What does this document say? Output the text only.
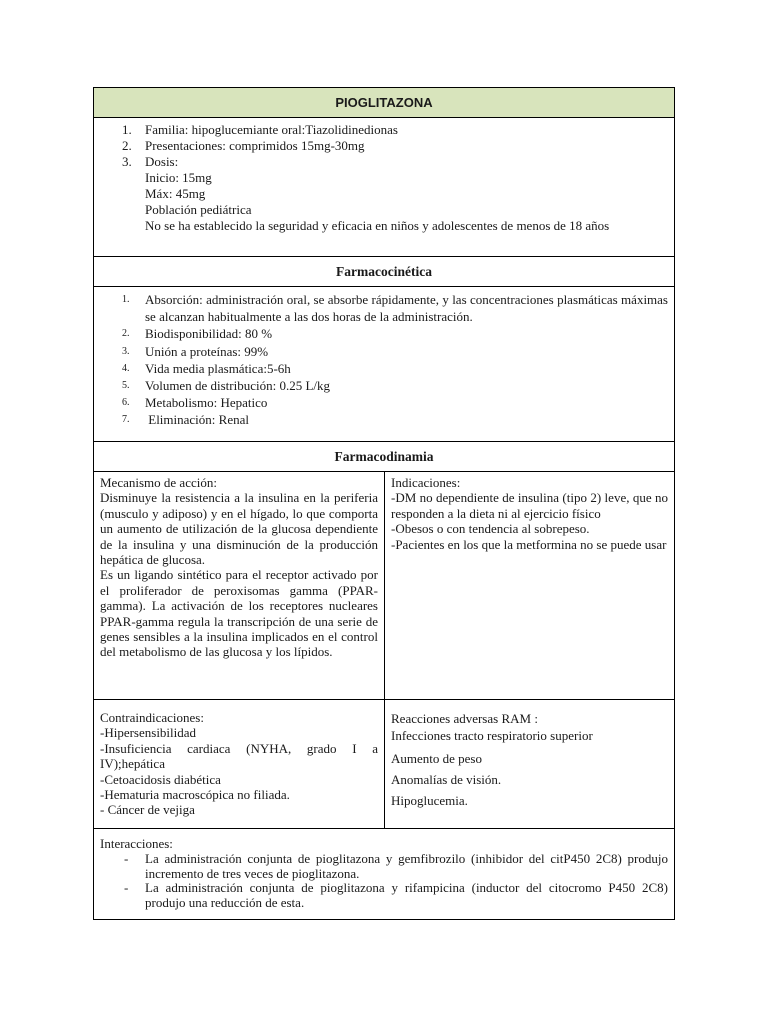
PIOGLITAZONA
1. Familia: hipoglucemiante oral:Tiazolidinedionas
2. Presentaciones: comprimidos 15mg-30mg
3. Dosis:
Inicio: 15mg
Máx: 45mg
Población pediátrica
No se ha establecido la seguridad y eficacia en niños y adolescentes de menos de 18 años
Farmacocinética
1. Absorción: administración oral, se absorbe rápidamente, y las concentraciones plasmáticas máximas se alcanzan habitualmente a las dos horas de la administración.
2. Biodisponibilidad: 80 %
3. Unión a proteínas: 99%
4. Vida media plasmática:5-6h
5. Volumen de distribución: 0.25 L/kg
6. Metabolismo: Hepatico
7. Eliminación: Renal
Farmacodinamia
Mecanismo de acción:
Disminuye la resistencia a la insulina en la periferia (musculo y adiposo) y en el hígado, lo que comporta un aumento de utilización de la glucosa dependiente de la insulina y una disminución de la producción hepática de glucosa.
Es un ligando sintético para el receptor activado por el proliferador de peroxisomas gamma (PPAR-gamma). La activación de los receptores nucleares PPAR-gamma regula la transcripción de una serie de genes sensibles a la insulina implicados en el control del metabolismo de las glucosa y los lípidos.
Indicaciones:
-DM no dependiente de insulina (tipo 2) leve, que no responden a la dieta ni al ejercicio físico
-Obesos o con tendencia al sobrepeso.
-Pacientes en los que la metformina no se puede usar
Contraindicaciones:
-Hipersensibilidad
-Insuficiencia cardiaca (NYHA, grado I a IV);hepática
-Cetoacidosis diabética
-Hematuria macroscópica no filiada.
- Cáncer de vejiga
Reacciones adversas RAM :
Infecciones tracto respiratorio superior
Aumento de peso
Anomalías de visión.
Hipoglucemia.
Interacciones:
- La administración conjunta de pioglitazona y gemfibrozilo (inhibidor del citP450 2C8) produjo incremento de tres veces de pioglitazona.
- La administración conjunta de pioglitazona y rifampicina (inductor del citocromo P450 2C8) produjo una reducción de esta.
